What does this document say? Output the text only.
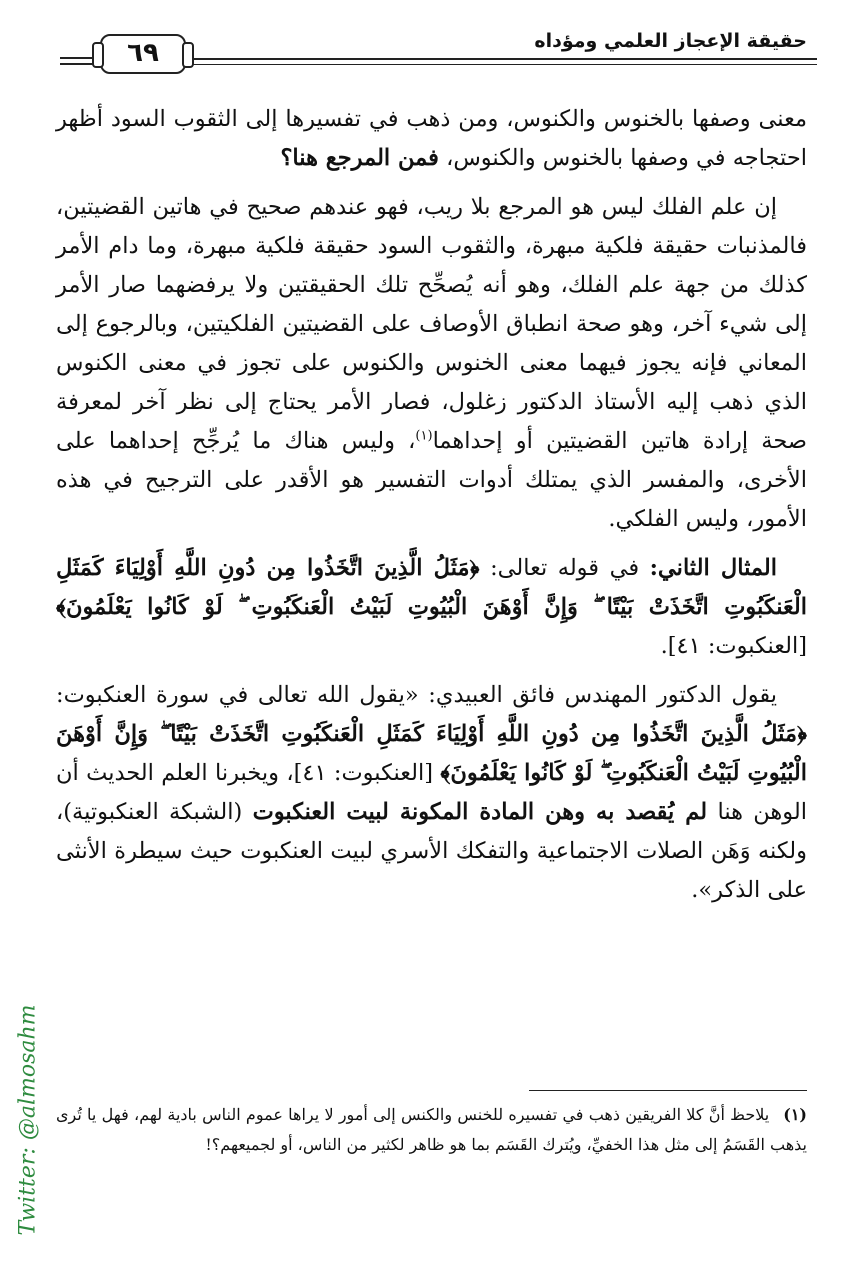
٦٩	حقيقة الإعجاز العلمي ومؤداه

معنى وصفها بالخنوس والكنوس، ومن ذهب في تفسيرها إلى الثقوب السود أظهر احتجاجه في وصفها بالخنوس والكنوس، فمن المرجع هنا؟

إن علم الفلك ليس هو المرجع بلا ريب، فهو عندهم صحيح في هاتين القضيتين، فالمذنبات حقيقة فلكية مبهرة، والثقوب السود حقيقة فلكية مبهرة، وما دام الأمر كذلك من جهة علم الفلك، وهو أنه يُصحِّح تلك الحقيقتين ولا يرفضهما صار الأمر إلى شيء آخر، وهو صحة انطباق الأوصاف على القضيتين الفلكيتين، وبالرجوع إلى المعاني فإنه يجوز فيهما معنى الخنوس والكنوس على تجوز في معنى الكنوس الذي ذهب إليه الأستاذ الدكتور زغلول، فصار الأمر يحتاج إلى نظر آخر لمعرفة صحة إرادة هاتين القضيتين أو إحداهما$^{(١)}$، وليس هناك ما يُرجِّح إحداهما على الأخرى، والمفسر الذي يمتلك أدوات التفسير هو الأقدر على الترجيح في هذه الأمور، وليس الفلكي.

المثال الثاني: في قوله تعالى: ﴿مَثَلُ الَّذِينَ اتَّخَذُوا مِن دُونِ اللَّهِ أَوْلِيَاءَ كَمَثَلِ الْعَنكَبُوتِ اتَّخَذَتْ بَيْتًا ۖ وَإِنَّ أَوْهَنَ الْبُيُوتِ لَبَيْتُ الْعَنكَبُوتِ ۖ لَوْ كَانُوا يَعْلَمُونَ﴾ [العنكبوت: ٤١].

يقول الدكتور المهندس فائق العبيدي: «يقول الله تعالى في سورة العنكبوت: ﴿مَثَلُ الَّذِينَ اتَّخَذُوا مِن دُونِ اللَّهِ أَوْلِيَاءَ كَمَثَلِ الْعَنكَبُوتِ اتَّخَذَتْ بَيْتًا ۖ وَإِنَّ أَوْهَنَ الْبُيُوتِ لَبَيْتُ الْعَنكَبُوتِ ۖ لَوْ كَانُوا يَعْلَمُونَ﴾ [العنكبوت: ٤١]، ويخبرنا العلم الحديث أن الوهن هنا لم يُقصد به وهن المادة المكونة لبيت العنكبوت (الشبكة العنكبوتية)، ولكنه وَهَن الصلات الاجتماعية والتفكك الأسري لبيت العنكبوت حيث سيطرة الأنثى على الذكر».

(١)يلاحظ أنَّ كلا الفريقين ذهب في تفسيره للخنس والكنس إلى أمور لا يراها عموم الناس بادية لهم، فهل يا تُرى يذهب القَسَمُ إلى مثل هذا الخفيِّ، ويُترك القَسَم بما هو ظاهر لكثير من الناس، أو لجميعهم؟!
Twitter: @almosahm
